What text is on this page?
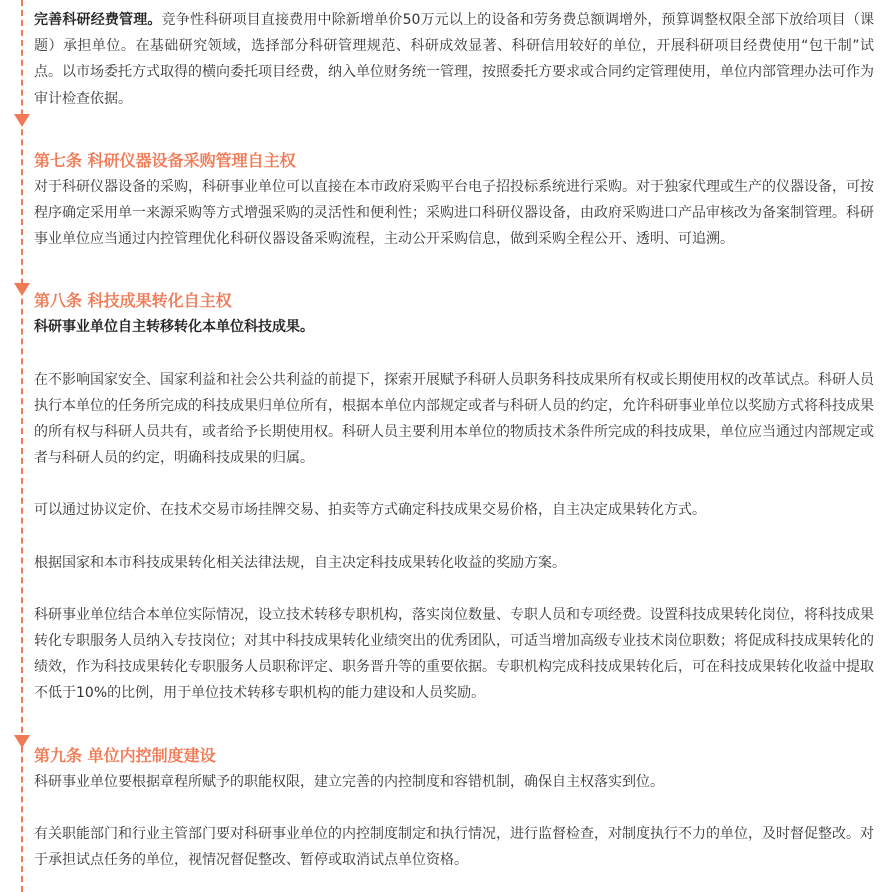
完善科研经费管理。竞争性科研项目直接费用中除新增单价50万元以上的设备和劳务费总额调增外，预算调整权限全部下放给项目（课题）承担单位。在基础研究领域，选择部分科研管理规范、科研成效显著、科研信用较好的单位，开展科研项目经费使用“包干制”试点。以市场委托方式取得的横向委托项目经费，纳入单位财务统一管理，按照委托方要求或合同约定管理使用，单位内部管理办法可作为审计检查依据。

第七条 科研仪器设备采购管理自主权

对于科研仪器设备的采购，科研事业单位可以直接在本市政府采购平台电子招投标系统进行采购。对于独家代理或生产的仪器设备，可按程序确定采用单一来源采购等方式增强采购的灵活性和便利性；采购进口科研仪器设备，由政府采购进口产品审核改为备案制管理。科研事业单位应当通过内控管理优化科研仪器设备采购流程，主动公开采购信息，做到采购全程公开、透明、可追溯。

第八条 科技成果转化自主权

科研事业单位自主转移转化本单位科技成果。

在不影响国家安全、国家利益和社会公共利益的前提下，探索开展赋予科研人员职务科技成果所有权或长期使用权的改革试点。科研人员执行本单位的任务所完成的科技成果归单位所有，根据本单位内部规定或者与科研人员的约定，允许科研事业单位以奖励方式将科技成果的所有权与科研人员共有，或者给予长期使用权。科研人员主要利用本单位的物质技术条件所完成的科技成果，单位应当通过内部规定或者与科研人员的约定，明确科技成果的归属。

可以通过协议定价、在技术交易市场挂牌交易、拍卖等方式确定科技成果交易价格，自主决定成果转化方式。

根据国家和本市科技成果转化相关法律法规，自主决定科技成果转化收益的奖励方案。

科研事业单位结合本单位实际情况，设立技术转移专职机构，落实岗位数量、专职人员和专项经费。设置科技成果转化岗位，将科技成果转化专职服务人员纳入专技岗位；对其中科技成果转化业绩突出的优秀团队，可适当增加高级专业技术岗位职数；将促成科技成果转化的绩效，作为科技成果转化专职服务人员职称评定、职务晋升等的重要依据。专职机构完成科技成果转化后，可在科技成果转化收益中提取不低于10%的比例，用于单位技术转移专职机构的能力建设和人员奖励。

第九条 单位内控制度建设

科研事业单位要根据章程所赋予的职能权限，建立完善的内控制度和容错机制，确保自主权落实到位。

有关职能部门和行业主管部门要对科研事业单位的内控制度制定和执行情况，进行监督检查，对制度执行不力的单位，及时督促整改。对于承担试点任务的单位，视情况督促整改、暂停或取消试点单位资格。
